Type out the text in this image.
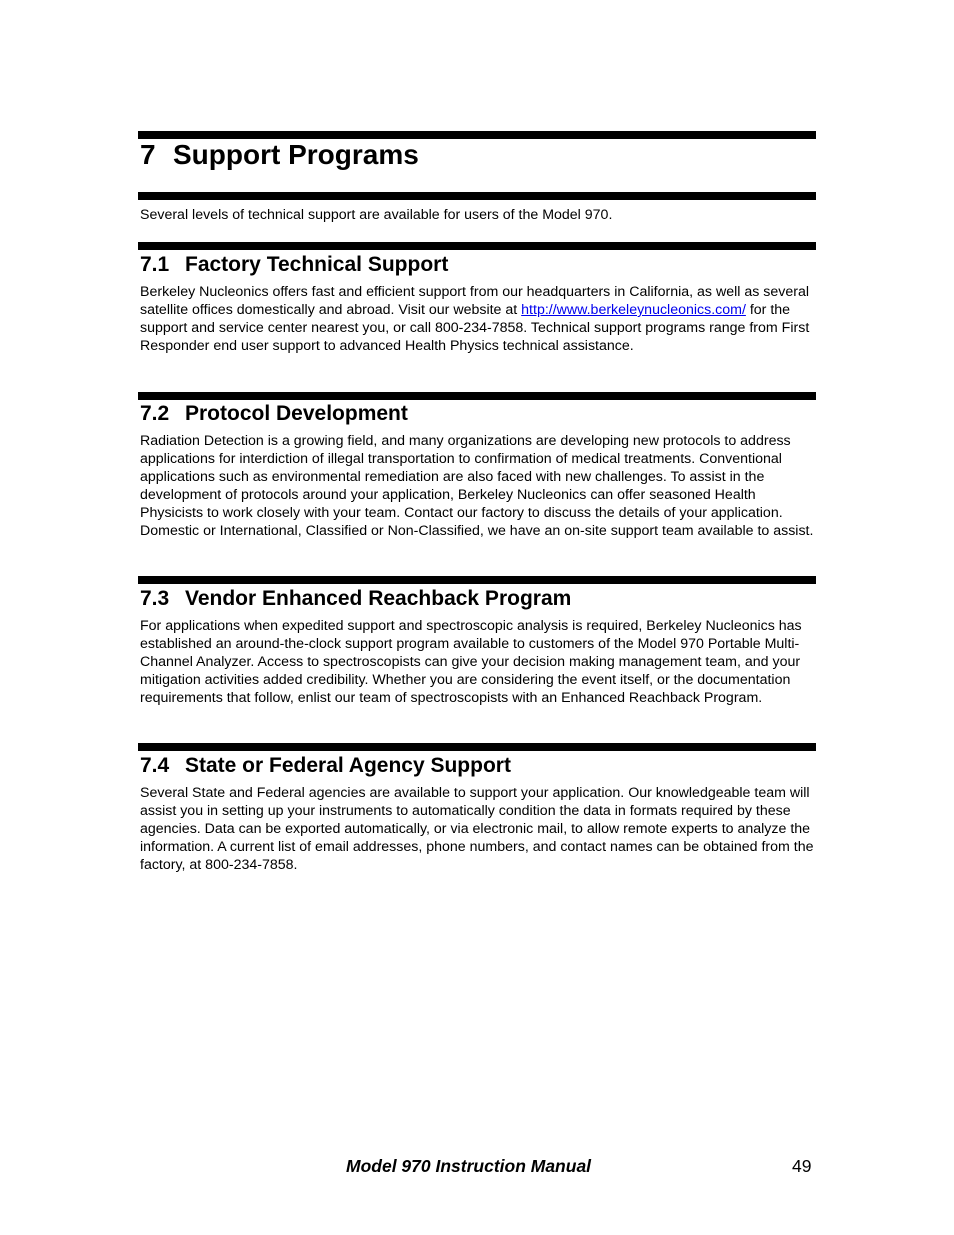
7 Support Programs

Several levels of technical support are available for users of the Model 970.

7.1 Factory Technical Support

Berkeley Nucleonics offers fast and efficient support from our headquarters in California, as well as several satellite offices domestically and abroad. Visit our website at http://www.berkeleynucleonics.com/ for the support and service center nearest you, or call 800-234-7858. Technical support programs range from First Responder end user support to advanced Health Physics technical assistance.

7.2 Protocol Development

Radiation Detection is a growing field, and many organizations are developing new protocols to address applications for interdiction of illegal transportation to confirmation of medical treatments. Conventional applications such as environmental remediation are also faced with new challenges. To assist in the development of protocols around your application, Berkeley Nucleonics can offer seasoned Health Physicists to work closely with your team. Contact our factory to discuss the details of your application. Domestic or International, Classified or Non-Classified, we have an on-site support team available to assist.

7.3 Vendor Enhanced Reachback Program

For applications when expedited support and spectroscopic analysis is required, Berkeley Nucleonics has established an around-the-clock support program available to customers of the Model 970 Portable Multi-Channel Analyzer. Access to spectroscopists can give your decision making management team, and your mitigation activities added credibility. Whether you are considering the event itself, or the documentation requirements that follow, enlist our team of spectroscopists with an Enhanced Reachback Program.

7.4 State or Federal Agency Support

Several State and Federal agencies are available to support your application. Our knowledgeable team will assist you in setting up your instruments to automatically condition the data in formats required by these agencies. Data can be exported automatically, or via electronic mail, to allow remote experts to analyze the information. A current list of email addresses, phone numbers, and contact names can be obtained from the factory, at 800-234-7858.

Model 970 Instruction Manual	49
